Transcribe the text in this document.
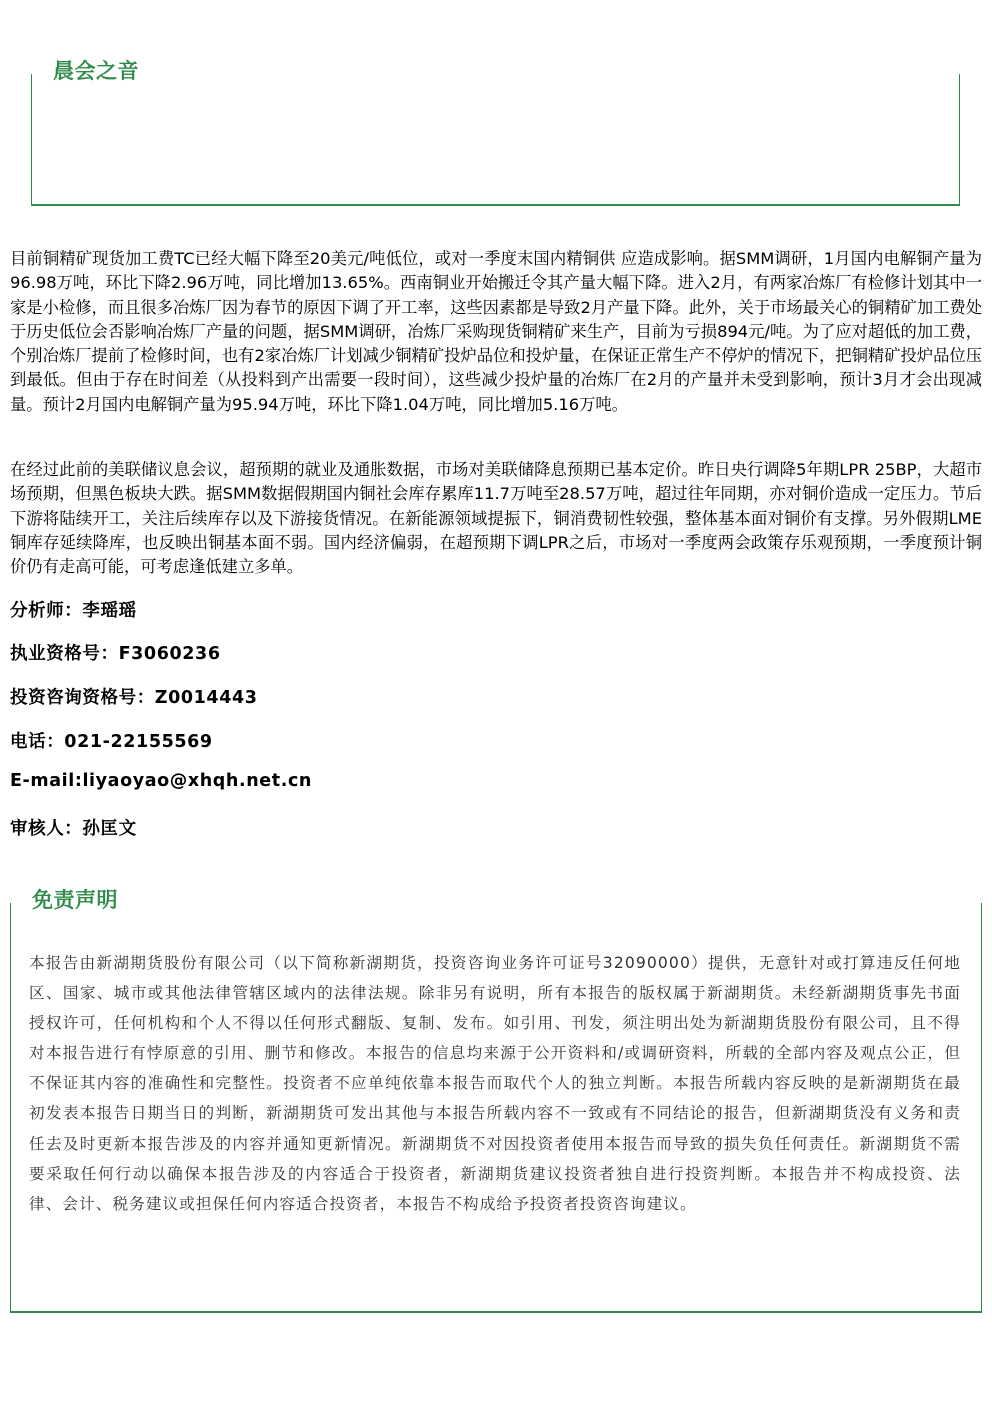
晨会之音

目前铜精矿现货加工费TC已经大幅下降至20美元/吨低位，或对一季度末国内精铜供 应造成影响。据SMM调研，1月国内电解铜产量为96.98万吨，环比下降2.96万吨，同比增加13.65%。西南铜业开始搬迁令其产量大幅下降。进入2月，有两家冶炼厂有检修计划其中一家是小检修，而且很多冶炼厂因为春节的原因下调了开工率，这些因素都是导致2月产量下降。此外，关于市场最关心的铜精矿加工费处于历史低位会否影响冶炼厂产量的问题，据SMM调研，冶炼厂采购现货铜精矿来生产，目前为亏损894元/吨。为了应对超低的加工费，个别冶炼厂提前了检修时间，也有2家冶炼厂计划减少铜精矿投炉品位和投炉量，在保证正常生产不停炉的情况下，把铜精矿投炉品位压到最低。但由于存在时间差（从投料到产出需要一段时间），这些减少投炉量的冶炼厂在2月的产量并未受到影响，预计3月才会出现减量。预计2月国内电解铜产量为95.94万吨，环比下降1.04万吨，同比增加5.16万吨。

在经过此前的美联储议息会议，超预期的就业及通胀数据，市场对美联储降息预期已基本定价。昨日央行调降5年期LPR 25BP，大超市场预期，但黑色板块大跌。据SMM数据假期国内铜社会库存累库11.7万吨至28.57万吨，超过往年同期，亦对铜价造成一定压力。节后下游将陆续开工，关注后续库存以及下游接货情况。在新能源领域提振下，铜消费韧性较强，整体基本面对铜价有支撑。另外假期LME铜库存延续降库，也反映出铜基本面不弱。国内经济偏弱，在超预期下调LPR之后，市场对一季度两会政策存乐观预期，一季度预计铜价仍有走高可能，可考虑逢低建立多单。

分析师：李瑶瑶
执业资格号：F3060236
投资咨询资格号：Z0014443
电话：021-22155569
E-mail:liyaoyao@xhqh.net.cn
审核人：孙匡文
免责声明

本报告由新湖期货股份有限公司（以下简称新湖期货，投资咨询业务许可证号32090000）提供，无意针对或打算违反任何地区、国家、城市或其他法律管辖区域内的法律法规。除非另有说明，所有本报告的版权属于新湖期货。未经新湖期货事先书面授权许可，任何机构和个人不得以任何形式翻版、复制、发布。如引用、刊发，须注明出处为新湖期货股份有限公司，且不得对本报告进行有悖原意的引用、删节和修改。本报告的信息均来源于公开资料和/或调研资料，所载的全部内容及观点公正，但不保证其内容的准确性和完整性。投资者不应单纯依靠本报告而取代个人的独立判断。本报告所载内容反映的是新湖期货在最初发表本报告日期当日的判断，新湖期货可发出其他与本报告所载内容不一致或有不同结论的报告，但新湖期货没有义务和责任去及时更新本报告涉及的内容并通知更新情况。新湖期货不对因投资者使用本报告而导致的损失负任何责任。新湖期货不需要采取任何行动以确保本报告涉及的内容适合于投资者，新湖期货建议投资者独自进行投资判断。本报告并不构成投资、法律、会计、税务建议或担保任何内容适合投资者，本报告不构成给予投资者投资咨询建议。
